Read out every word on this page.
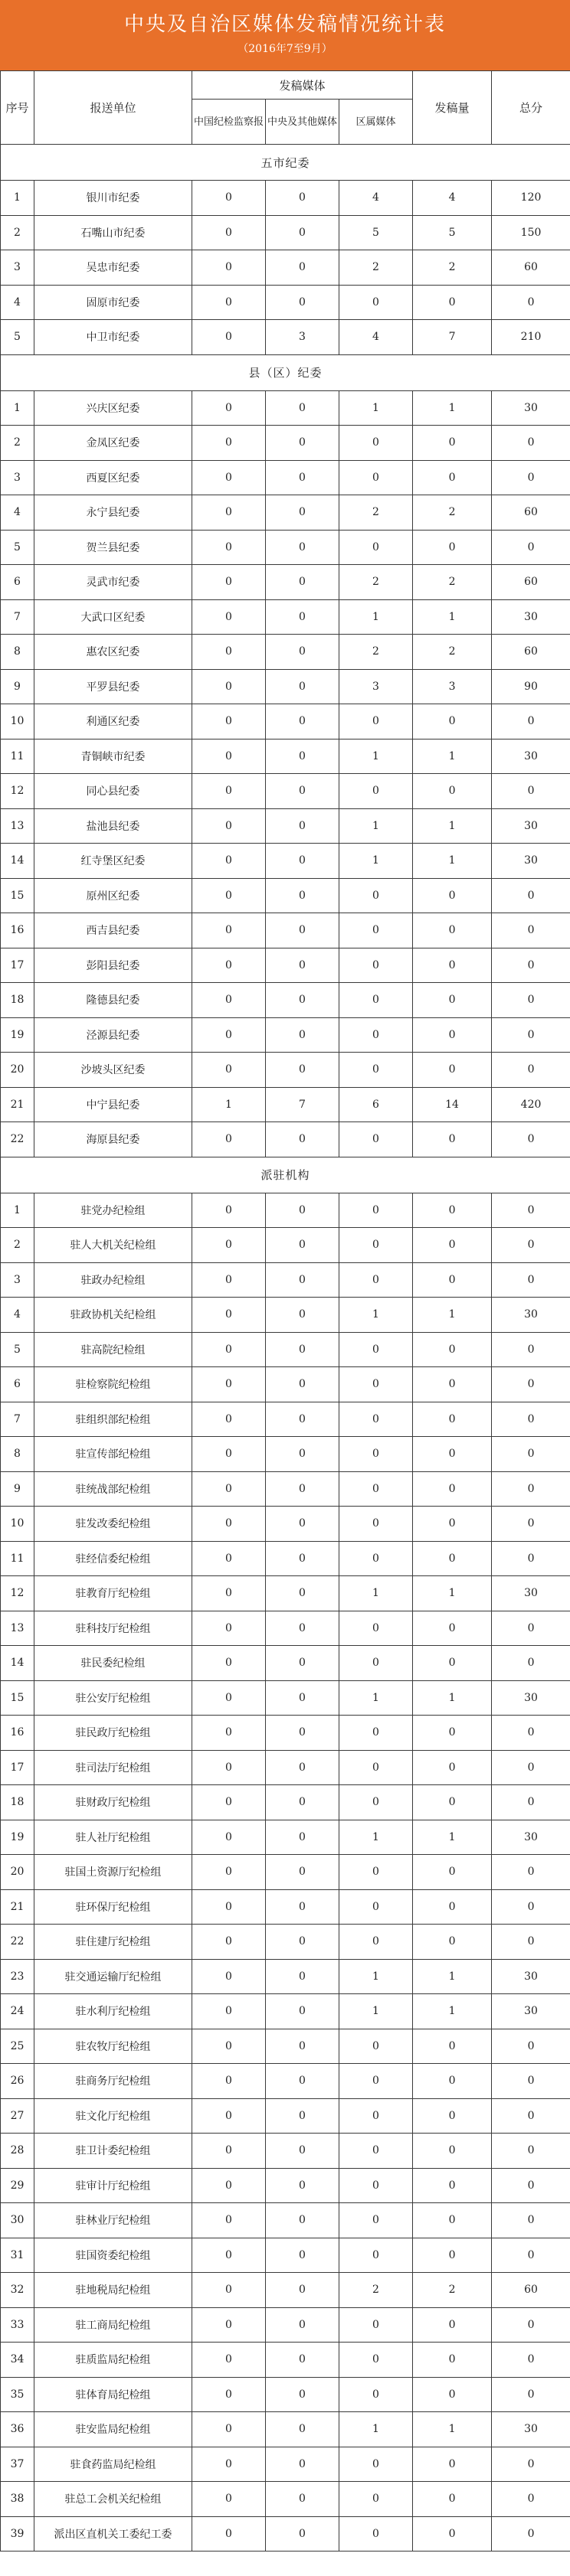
中央及自治区媒体发稿情况统计表
（2016年7至9月）
序号	报送单位	发稿媒体			发稿量	总分
		中国纪检监察报	中央及其他媒体	区属媒体		
五市纪委						
1	银川市纪委	0	0	4	4	120
2	石嘴山市纪委	0	0	5	5	150
3	吴忠市纪委	0	0	2	2	60
4	固原市纪委	0	0	0	0	0
5	中卫市纪委	0	3	4	7	210
县（区）纪委						
1	兴庆区纪委	0	0	1	1	30
2	金凤区纪委	0	0	0	0	0
3	西夏区纪委	0	0	0	0	0
4	永宁县纪委	0	0	2	2	60
5	贺兰县纪委	0	0	0	0	0
6	灵武市纪委	0	0	2	2	60
7	大武口区纪委	0	0	1	1	30
8	惠农区纪委	0	0	2	2	60
9	平罗县纪委	0	0	3	3	90
10	利通区纪委	0	0	0	0	0
11	青铜峡市纪委	0	0	1	1	30
12	同心县纪委	0	0	0	0	0
13	盐池县纪委	0	0	1	1	30
14	红寺堡区纪委	0	0	1	1	30
15	原州区纪委	0	0	0	0	0
16	西吉县纪委	0	0	0	0	0
17	彭阳县纪委	0	0	0	0	0
18	隆德县纪委	0	0	0	0	0
19	泾源县纪委	0	0	0	0	0
20	沙坡头区纪委	0	0	0	0	0
21	中宁县纪委	1	7	6	14	420
22	海原县纪委	0	0	0	0	0
派驻机构						
1	驻党办纪检组	0	0	0	0	0
2	驻人大机关纪检组	0	0	0	0	0
3	驻政办纪检组	0	0	0	0	0
4	驻政协机关纪检组	0	0	1	1	30
5	驻高院纪检组	0	0	0	0	0
6	驻检察院纪检组	0	0	0	0	0
7	驻组织部纪检组	0	0	0	0	0
8	驻宣传部纪检组	0	0	0	0	0
9	驻统战部纪检组	0	0	0	0	0
10	驻发改委纪检组	0	0	0	0	0
11	驻经信委纪检组	0	0	0	0	0
12	驻教育厅纪检组	0	0	1	1	30
13	驻科技厅纪检组	0	0	0	0	0
14	驻民委纪检组	0	0	0	0	0
15	驻公安厅纪检组	0	0	1	1	30
16	驻民政厅纪检组	0	0	0	0	0
17	驻司法厅纪检组	0	0	0	0	0
18	驻财政厅纪检组	0	0	0	0	0
19	驻人社厅纪检组	0	0	1	1	30
20	驻国土资源厅纪检组	0	0	0	0	0
21	驻环保厅纪检组	0	0	0	0	0
22	驻住建厅纪检组	0	0	0	0	0
23	驻交通运输厅纪检组	0	0	1	1	30
24	驻水利厅纪检组	0	0	1	1	30
25	驻农牧厅纪检组	0	0	0	0	0
26	驻商务厅纪检组	0	0	0	0	0
27	驻文化厅纪检组	0	0	0	0	0
28	驻卫计委纪检组	0	0	0	0	0
29	驻审计厅纪检组	0	0	0	0	0
30	驻林业厅纪检组	0	0	0	0	0
31	驻国资委纪检组	0	0	0	0	0
32	驻地税局纪检组	0	0	2	2	60
33	驻工商局纪检组	0	0	0	0	0
34	驻质监局纪检组	0	0	0	0	0
35	驻体育局纪检组	0	0	0	0	0
36	驻安监局纪检组	0	0	1	1	30
37	驻食药监局纪检组	0	0	0	0	0
38	驻总工会机关纪检组	0	0	0	0	0
39	派出区直机关工委纪工委	0	0	0	0	0
